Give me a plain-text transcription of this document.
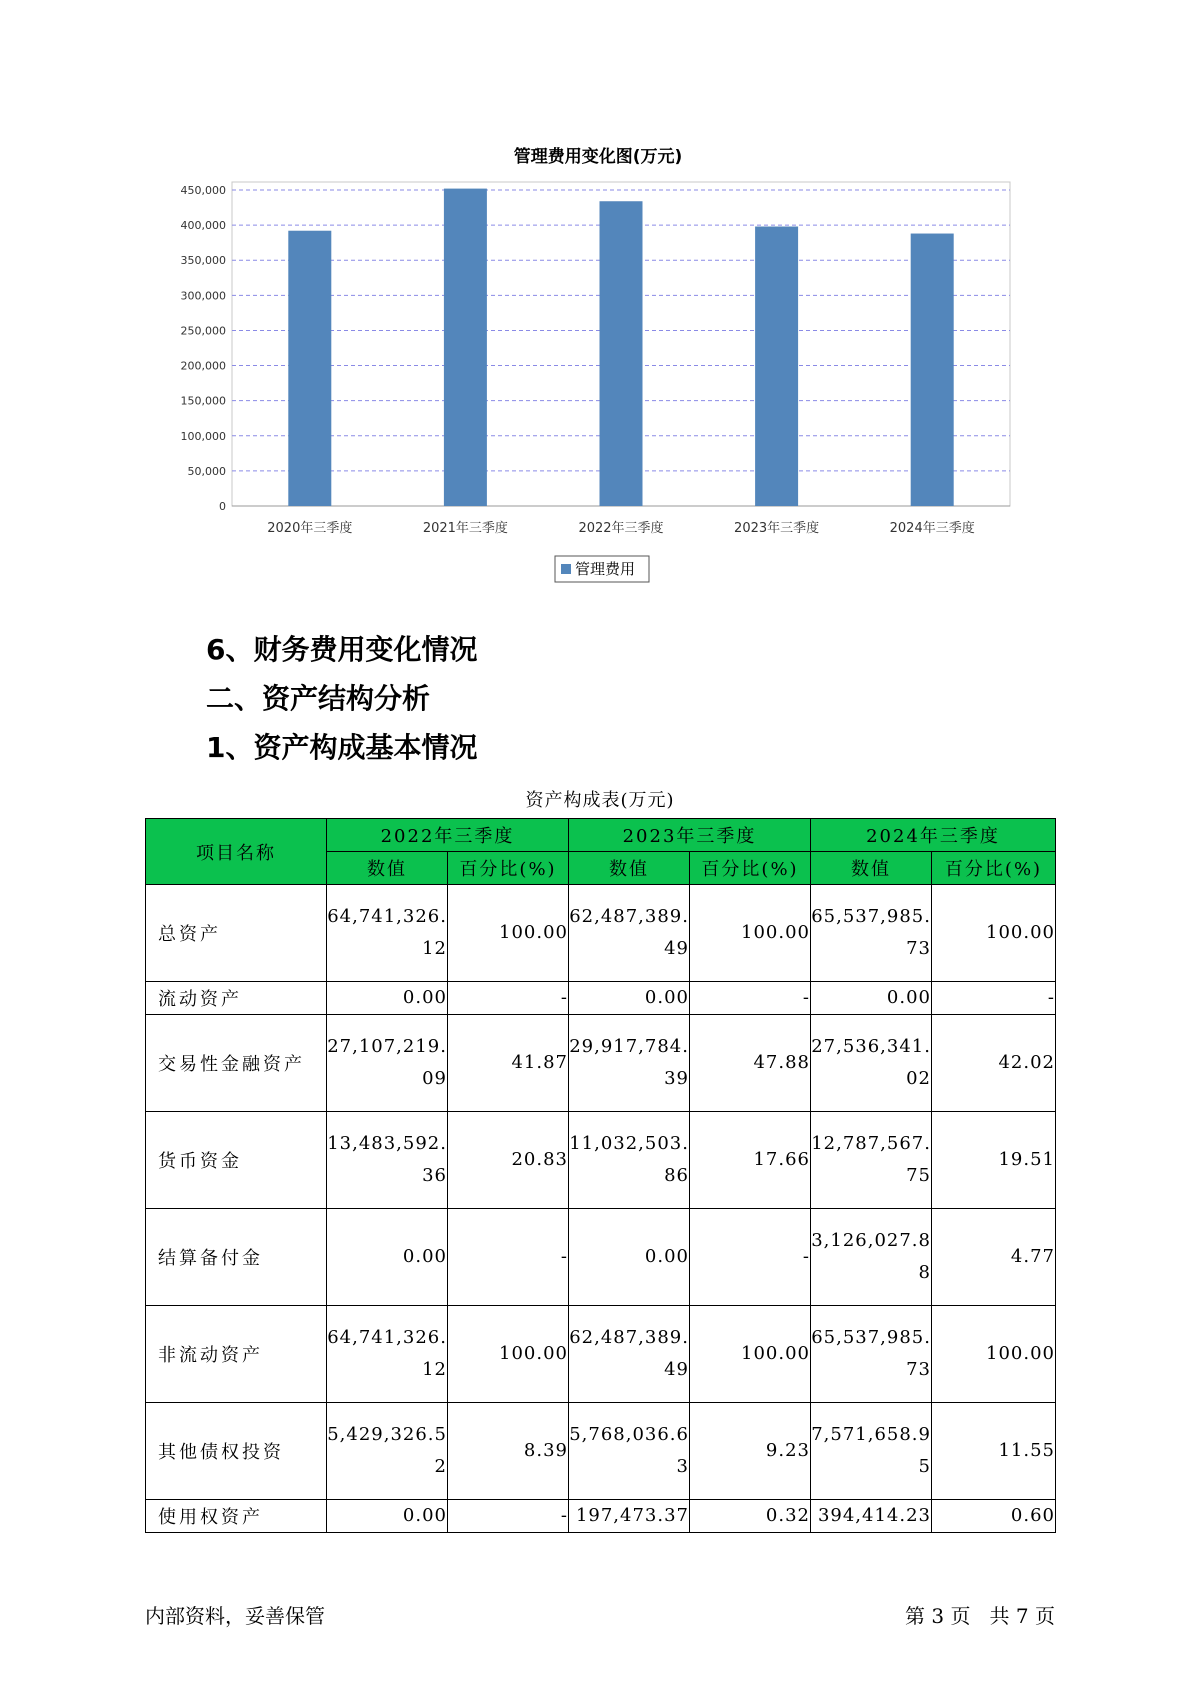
管理费用变化图(万元)
0
50,000
100,000
150,000
200,000
250,000
300,000
350,000
400,000
450,000
2020年三季度	2021年三季度	2022年三季度	2023年三季度	2024年三季度
管理费用
6、财务费用变化情况
二、资产结构分析
1、资产构成基本情况
资产构成表(万元)
项目名称	2022年三季度		2023年三季度		2024年三季度	
	数值	百分比(%)	数值	百分比(%)	数值	百分比(%)
总资产	64,741,326.12	100.00	62,487,389.49	100.00	65,537,985.73	100.00
流动资产	0.00	-	0.00	-	0.00	-
交易性金融资产	27,107,219.09	41.87	29,917,784.39	47.88	27,536,341.02	42.02
货币资金	13,483,592.36	20.83	11,032,503.86	17.66	12,787,567.75	19.51
结算备付金	0.00	-	0.00	-	3,126,027.88	4.77
非流动资产	64,741,326.12	100.00	62,487,389.49	100.00	65,537,985.73	100.00
其他债权投资	5,429,326.52	8.39	5,768,036.63	9.23	7,571,658.95	11.55
使用权资产	0.00	-	197,473.37	0.32	394,414.23	0.60
内部资料，妥善保管	第 3 页   共 7 页
